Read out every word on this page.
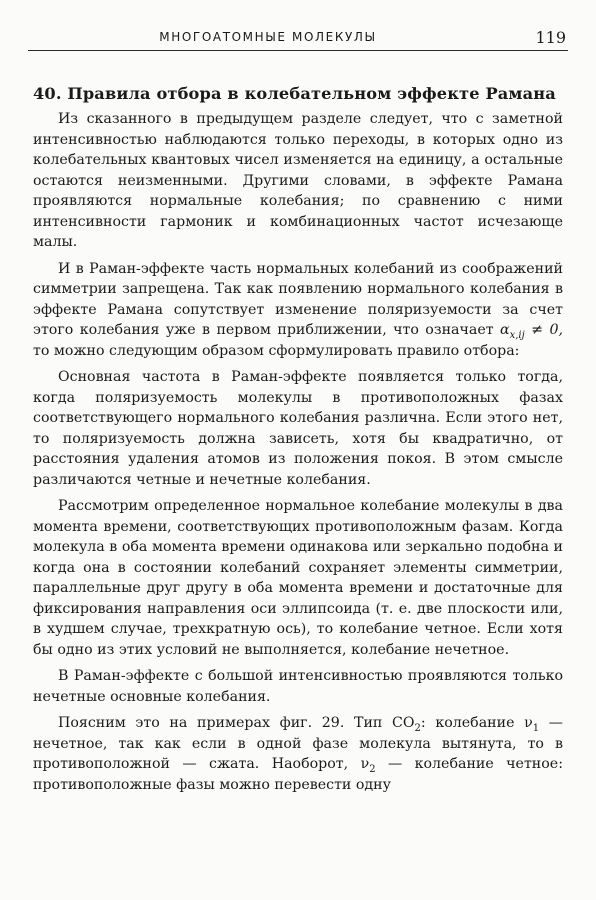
МНОГОАТОМНЫЕ МОЛЕКУЛЫ	119
40. Правила отбора в колебательном эффекте Рамана

Из сказанного в предыдущем разделе следует, что с заметной интенсивностью наблюдаются только переходы, в которых одно из колебательных квантовых чисел изменяется на единицу, а остальные остаются неизменными. Другими словами, в эффекте Рамана проявляются нормальные колебания; по сравнению с ними интенсивности гармоник и комбинационных частот исчезающе малы.

И в Раман-эффекте часть нормальных колебаний из соображений симметрии запрещена. Так как появлению нормального колебания в эффекте Рамана сопутствует изменение поляризуемости за счет этого колебания уже в первом приближении, что означает $\alpha_{x,ij} \ne 0$, то можно следующим образом сформулировать правило отбора:

Основная частота в Раман-эффекте появляется только тогда, когда поляризуемость молекулы в противоположных фазах соответствующего нормального колебания различна. Если этого нет, то поляризуемость должна зависеть, хотя бы квадратично, от расстояния удаления атомов из положения покоя. В этом смысле различаются четные и нечетные колебания.

Рассмотрим определенное нормальное колебание молекулы в два момента времени, соответствующих противоположным фазам. Когда молекула в оба момента времени одинакова или зеркально подобна и когда она в состоянии колебаний сохраняет элементы симметрии, параллельные друг другу в оба момента времени и достаточные для фиксирования направления оси эллипсоида (т. е. две плоскости или, в худшем случае, трехкратную ось), то колебание четное. Если хотя бы одно из этих условий не выполняется, колебание нечетное.

В Раман-эффекте с большой интенсивностью проявляются только нечетные основные колебания.

Поясним это на примерах фиг. 29. Тип $CO_2$: колебание $\nu_1$ — нечетное, так как если в одной фазе молекула вытянута, то в противоположной — сжата. Наоборот, $\nu_2$ — колебание четное: противоположные фазы можно перевести одну
